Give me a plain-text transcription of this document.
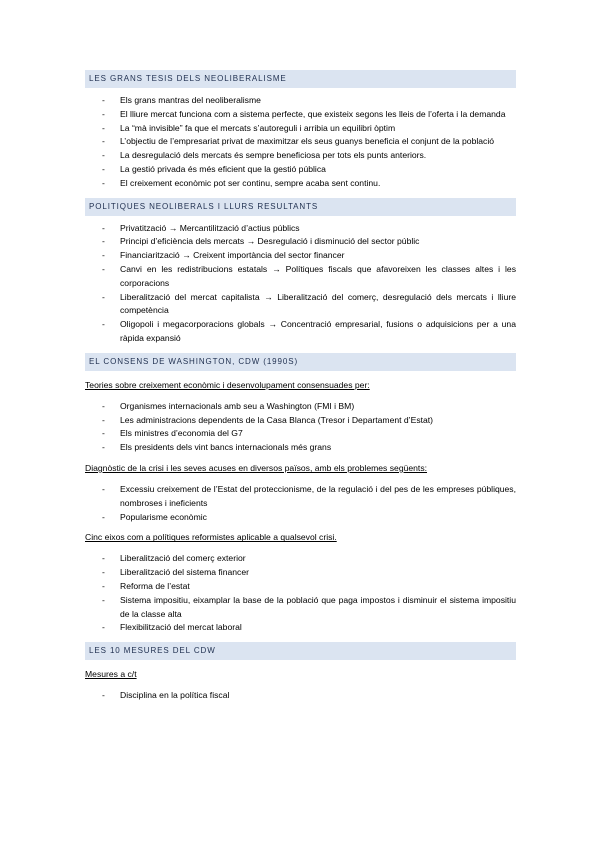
LES GRANS TESIS DELS NEOLIBERALISME
- Els grans mantras del neoliberalisme
- El lliure mercat funciona com a sistema perfecte, que existeix segons les lleis de l’oferta i la demanda
- La “mà invisible” fa que el mercats s’autoreguli i arribia un equilibri òptim
- L’objectiu de l’empresariat privat de maximitzar els seus guanys beneficia el conjunt de la població
- La desregulació dels mercats és sempre beneficiosa per tots els punts anteriors.
- La gestió privada és més eficient que la gestió pública
- El creixement econòmic pot ser continu, sempre acaba sent continu.
POLITIQUES NEOLIBERALS I LLURS RESULTANTS
- Privatització → Mercantilització d’actius públics
- Principi d’eficiència dels mercats → Desregulació i disminució del sector públic
- Financiarització → Creixent importància del sector financer
- Canvi en les redistribucions estatals → Polítiques fiscals que afavoreixen les classes altes i les corporacions
- Liberalització del mercat capitalista → Liberalització del comerç, desregulació dels mercats i lliure competència
- Oligopoli i megacorporacions globals → Concentració empresarial, fusions o adquisicions per a una ràpida expansió
EL CONSENS DE WASHINGTON, CDW (1990S)
Teories sobre creixement econòmic i desenvolupament consensuades per:
- Organismes internacionals amb seu a Washington (FMI i BM)
- Les administracions dependents de la Casa Blanca (Tresor i Departament d’Estat)
- Els ministres d’economia del G7
- Els presidents dels vint bancs internacionals més grans
Diagnòstic de la crisi i les seves acuses en diversos països, amb els problemes següents:
- Excessiu creixement de l’Estat del proteccionisme, de la regulació i del pes de les empreses públiques, nombroses i ineficients
- Popularisme econòmic
Cinc eixos com a polítiques reformistes aplicable a qualsevol crisi.
- Liberalització del comerç exterior
- Liberalització del sistema financer
- Reforma de l’estat
- Sistema impositiu, eixamplar la base de la població que paga impostos i disminuir el sistema impositiu de la classe alta
- Flexibilització del mercat laboral
LES 10 MESURES DEL CDW
Mesures a c/t
- Disciplina en la política fiscal
